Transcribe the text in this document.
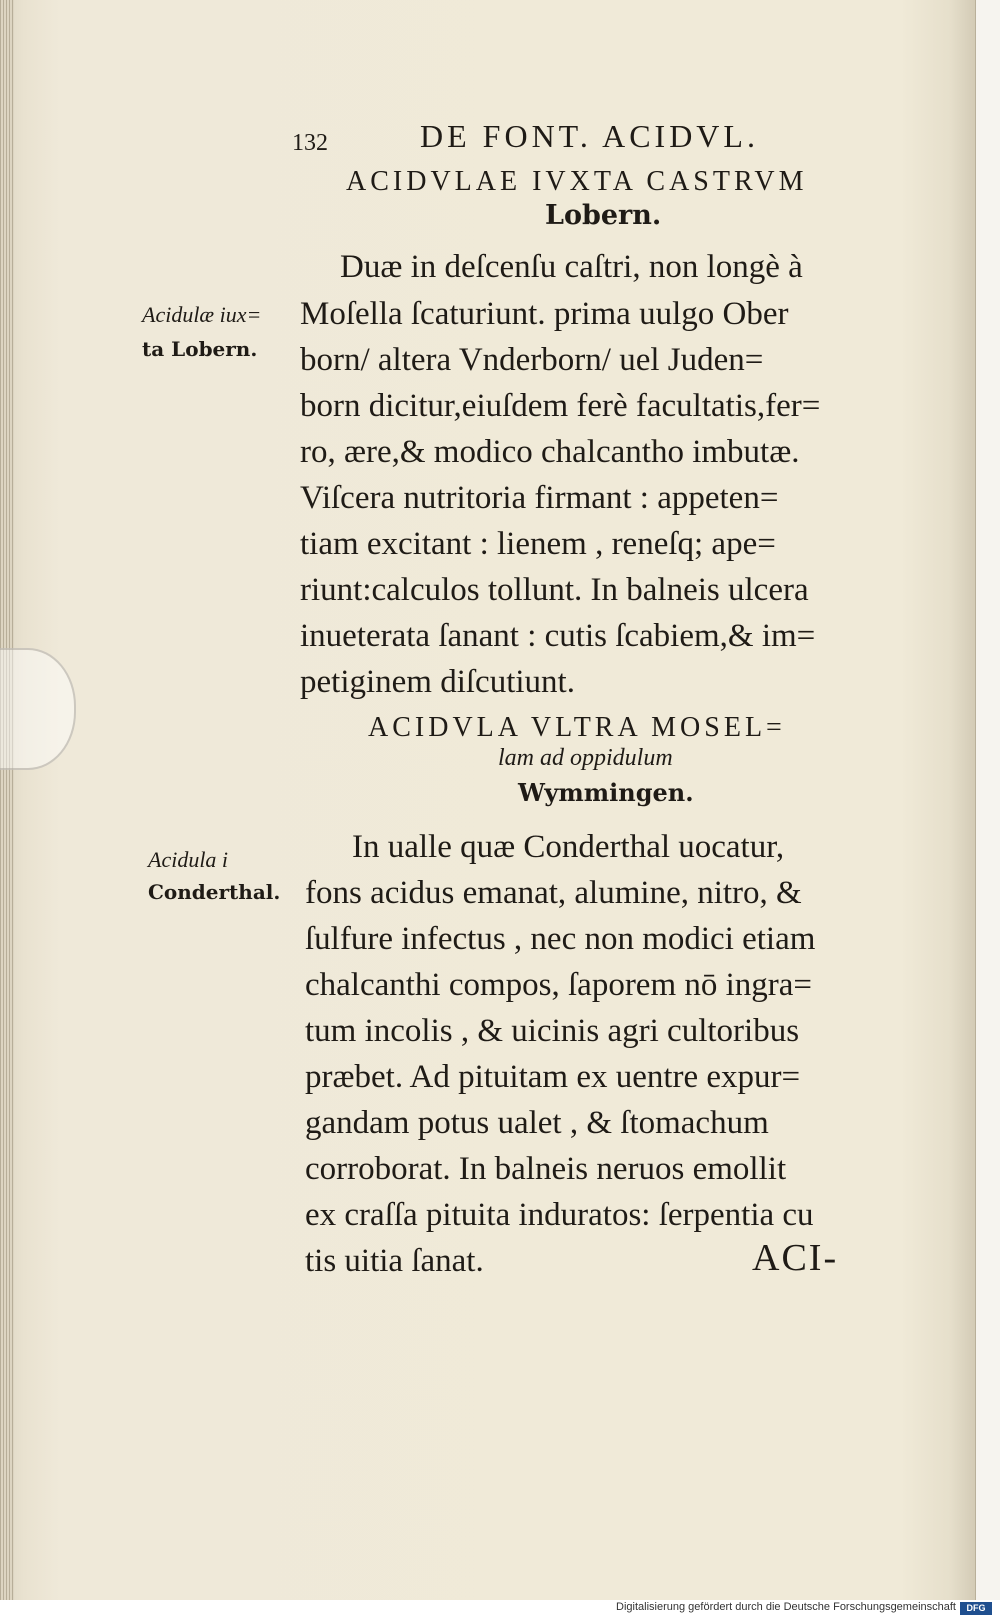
132	DE FONT. ACIDVL.
ACIDVLAE IVXTA CASTRVM
Lobern.
Acidulæ iux=
ta Lobern.
Duæ in deſcenſu caſtri, non longè à
Moſella ſcaturiunt. prima uulgo Ober
born/ altera Vnderborn/ uel Juden=
born dicitur,eiuſdem ferè facultatis,fer=
ro, ære,& modico chalcantho imbutæ.
Viſcera nutritoria firmant : appeten=
tiam excitant : lienem , reneſq; ape=
riunt:calculos tollunt. In balneis ulcera
inueterata ſanant : cutis ſcabiem,& im=
petiginem diſcutiunt.
ACIDVLA VLTRA MOSEL=
lam ad oppidulum
Wymmingen.
Acidula i
Conderthal.
In ualle quæ Conderthal uocatur,
fons acidus emanat, alumine, nitro, &
ſulfure infectus , nec non modici etiam
chalcanthi compos, ſaporem nō ingra=
tum incolis , & uicinis agri cultoribus
præbet. Ad pituitam ex uentre expur=
gandam potus ualet , & ſtomachum
corroborat. In balneis neruos emollit
ex craſſa pituita induratos: ſerpentia cu
tis uitia ſanat.	ACI-
Digitalisierung gefördert durch die Deutsche Forschungsgemeinschaft	DFG
